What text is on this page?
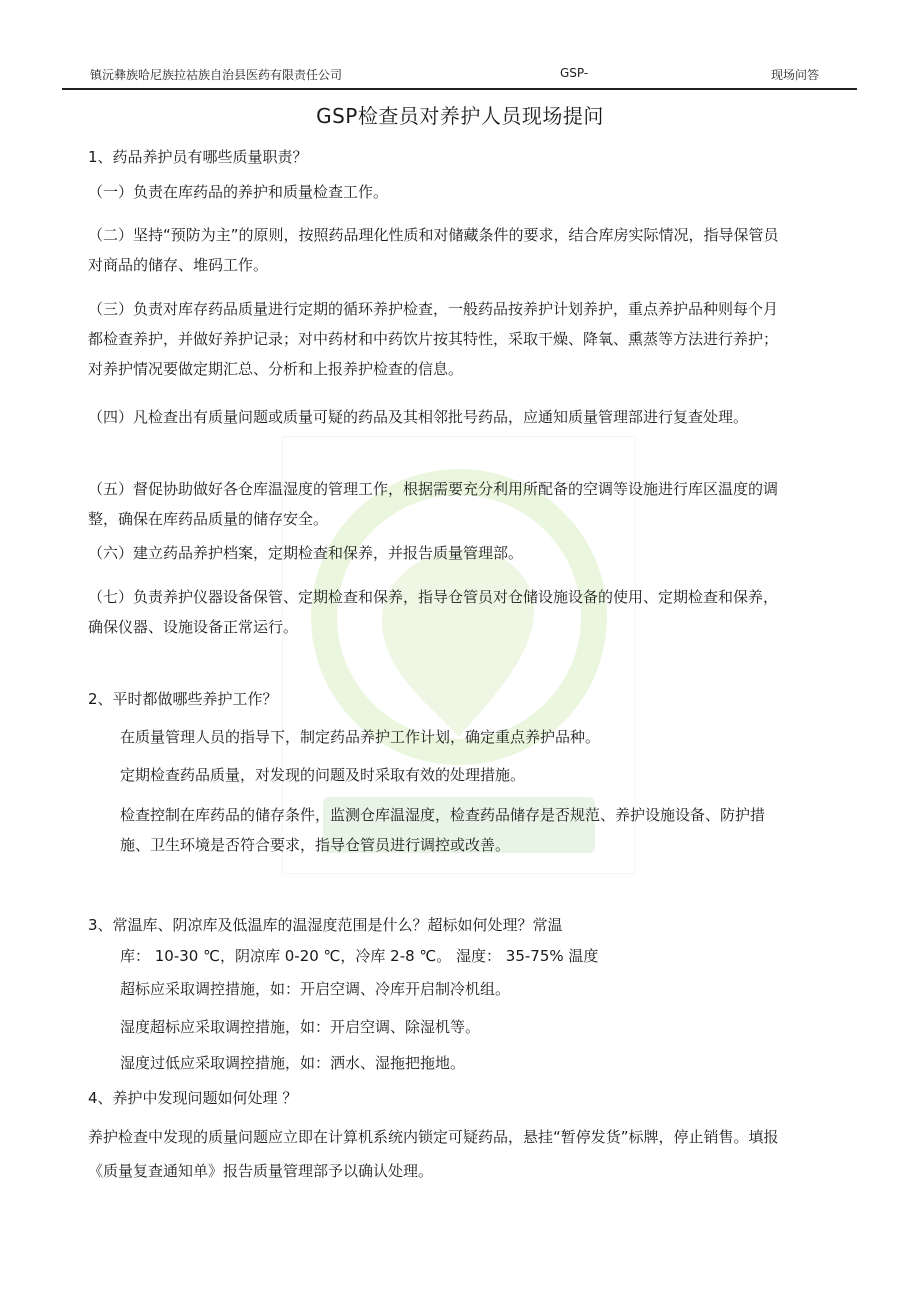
镇沅彝族哈尼族拉祜族自治县医药有限责任公司	GSP-	现场问答
GSP检查员对养护人员现场提问

1、药品养护员有哪些质量职责？

（一）负责在库药品的养护和质量检查工作。

（二）坚持“预防为主”的原则，按照药品理化性质和对储藏条件的要求，结合库房实际情况，指导保管员对商品的储存、堆码工作。

（三）负责对库存药品质量进行定期的循环养护检查，一般药品按养护计划养护，重点养护品种则每个月都检查养护，并做好养护记录；对中药材和中药饮片按其特性，采取干燥、降氧、熏蒸等方法进行养护；对养护情况要做定期汇总、分析和上报养护检查的信息。

（四）凡检查出有质量问题或质量可疑的药品及其相邻批号药品，应通知质量管理部进行复查处理。

（五）督促协助做好各仓库温湿度的管理工作，根据需要充分利用所配备的空调等设施进行库区温度的调整，确保在库药品质量的储存安全。

（六）建立药品养护档案，定期检查和保养，并报告质量管理部。

（七）负责养护仪器设备保管、定期检查和保养，指导仓管员对仓储设施设备的使用、定期检查和保养，确保仪器、设施设备正常运行。

2、平时都做哪些养护工作？

在质量管理人员的指导下，制定药品养护工作计划，确定重点养护品种。

定期检查药品质量，对发现的问题及时采取有效的处理措施。

检查控制在库药品的储存条件，监测仓库温湿度，检查药品储存是否规范、养护设施设备、防护措施、卫生环境是否符合要求，指导仓管员进行调控或改善。

3、常温库、阴凉库及低温库的温湿度范围是什么？超标如何处理？常温

库： 10-30 ℃，阴凉库 0-20 ℃，冷库 2-8 ℃。 湿度： 35-75% 温度

超标应采取调控措施，如：开启空调、冷库开启制冷机组。

湿度超标应采取调控措施，如：开启空调、除湿机等。

湿度过低应采取调控措施，如：洒水、湿拖把拖地。

4、养护中发现问题如何处理 ？

养护检查中发现的质量问题应立即在计算机系统内锁定可疑药品，悬挂“暂停发货”标牌，停止销售。填报《质量复查通知单》报告质量管理部予以确认处理。
